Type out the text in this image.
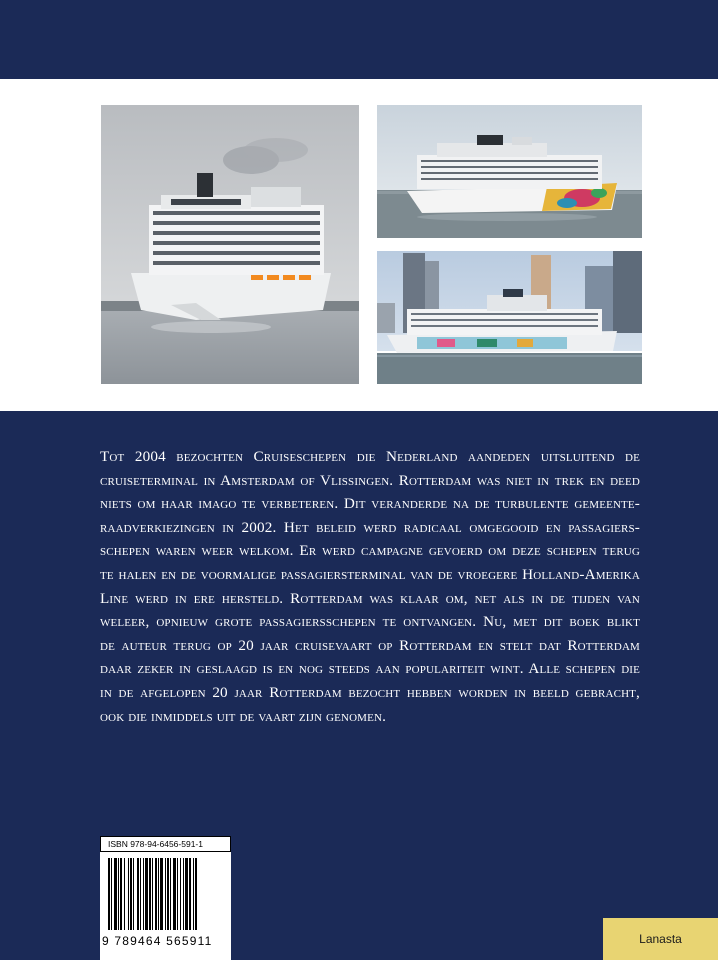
Tot 2004 bezochten Cruiseschepen die Nederland aandeden uitsluitend de
cruiseterminal in Amsterdam of Vlissingen. Rotterdam was niet in trek en deed
niets om haar imago te verbeteren. Dit veranderde na de turbulente gemeente-
raadverkiezingen in 2002. Het beleid werd radicaal omgegooid en passagiers-
schepen waren weer welkom. Er werd campagne gevoerd om deze schepen terug
te halen en de voormalige passagiersterminal van de vroegere Holland-Amerika
Line werd in ere hersteld. Rotterdam was klaar om, net als in de tijden van
weleer, opnieuw grote passagiersschepen te ontvangen. Nu, met dit boek blikt
de auteur terug op 20 jaar cruisevaart op Rotterdam en stelt dat Rotterdam
daar zeker in geslaagd is en nog steeds aan populariteit wint. Alle schepen die
in de afgelopen 20 jaar Rotterdam bezocht hebben worden in beeld gebracht,
ook die inmiddels uit de vaart zijn genomen.
ISBN 978-94-6456-591-1
9 789464 565911	Lanasta
